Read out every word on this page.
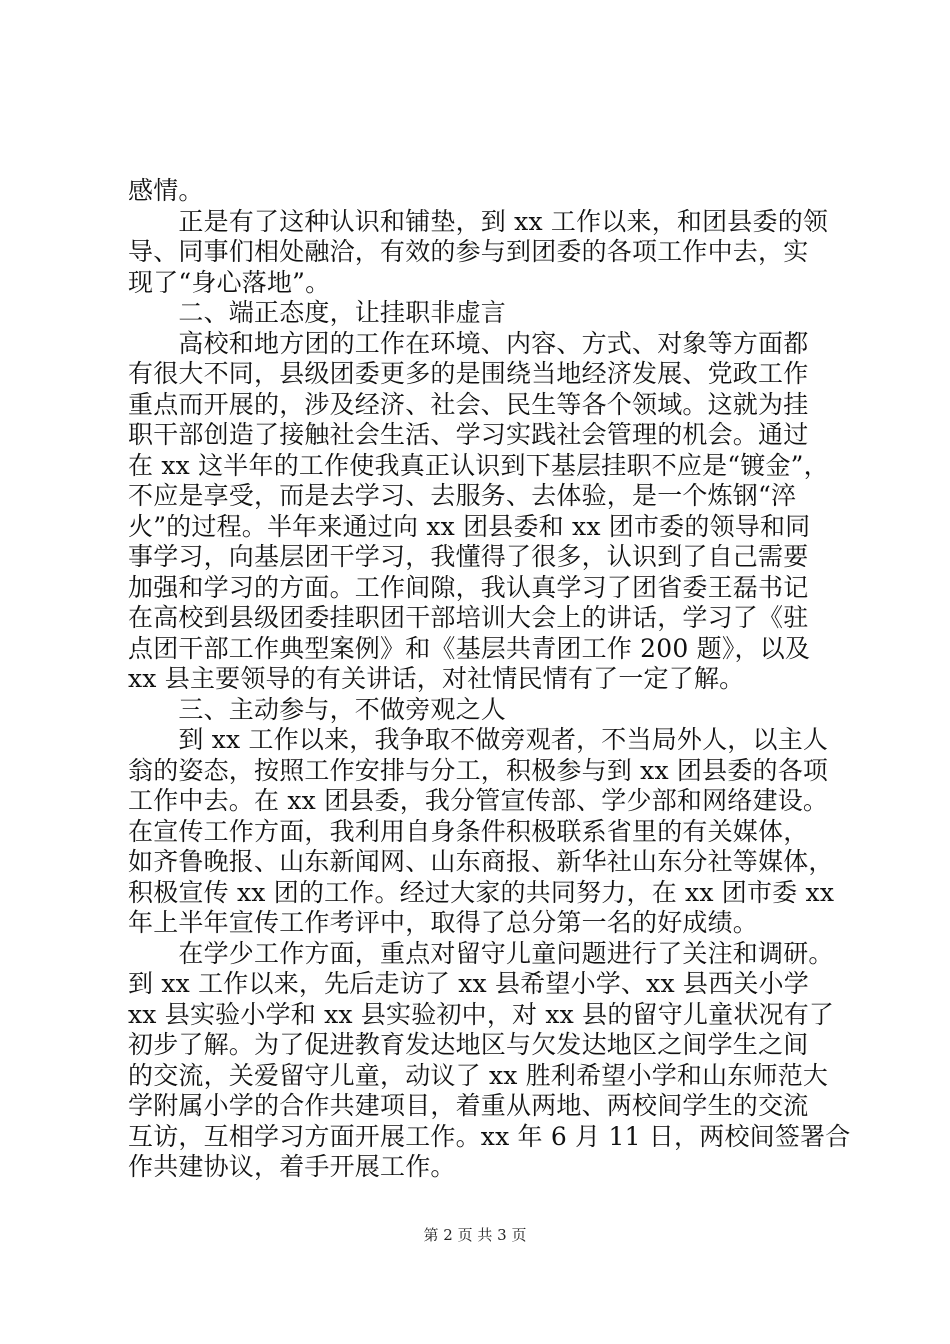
感情。
　　正是有了这种认识和铺垫，到 xx 工作以来，和团县委的领
导、同事们相处融洽，有效的参与到团委的各项工作中去，实
现了“身心落地”。
　　二、端正态度，让挂职非虚言
　　高校和地方团的工作在环境、内容、方式、对象等方面都
有很大不同，县级团委更多的是围绕当地经济发展、党政工作
重点而开展的，涉及经济、社会、民生等各个领域。这就为挂
职干部创造了接触社会生活、学习实践社会管理的机会。通过
在 xx 这半年的工作使我真正认识到下基层挂职不应是“镀金”，
不应是享受，而是去学习、去服务、去体验，是一个炼钢“淬
火”的过程。半年来通过向 xx 团县委和 xx 团市委的领导和同
事学习，向基层团干学习，我懂得了很多，认识到了自己需要
加强和学习的方面。工作间隙，我认真学习了团省委王磊书记
在高校到县级团委挂职团干部培训大会上的讲话，学习了《驻
点团干部工作典型案例》和《基层共青团工作 200 题》，以及
xx 县主要领导的有关讲话，对社情民情有了一定了解。
　　三、主动参与，不做旁观之人
　　到 xx 工作以来，我争取不做旁观者，不当局外人，以主人
翁的姿态，按照工作安排与分工，积极参与到 xx 团县委的各项
工作中去。在 xx 团县委，我分管宣传部、学少部和网络建设。
在宣传工作方面，我利用自身条件积极联系省里的有关媒体，
如齐鲁晚报、山东新闻网、山东商报、新华社山东分社等媒体，
积极宣传 xx 团的工作。经过大家的共同努力，在 xx 团市委 xx
年上半年宣传工作考评中，取得了总分第一名的好成绩。
　　在学少工作方面，重点对留守儿童问题进行了关注和调研。
到 xx 工作以来，先后走访了 xx 县希望小学、xx 县西关小学
xx 县实验小学和 xx 县实验初中，对 xx 县的留守儿童状况有了
初步了解。为了促进教育发达地区与欠发达地区之间学生之间
的交流，关爱留守儿童，动议了 xx 胜利希望小学和山东师范大
学附属小学的合作共建项目，着重从两地、两校间学生的交流
互访，互相学习方面开展工作。xx 年 6 月 11 日，两校间签署合
作共建协议，着手开展工作。
第 2 页 共 3 页
